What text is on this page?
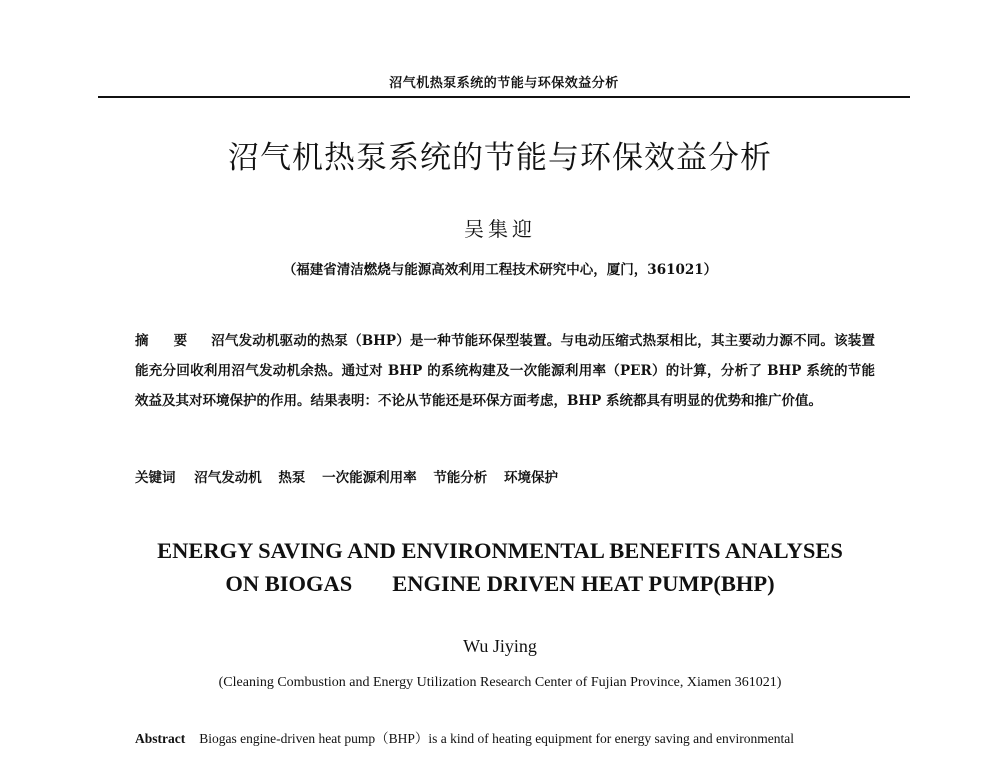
沼气机热泵系统的节能与环保效益分析
沼气机热泵系统的节能与环保效益分析
吴集迎
（福建省清洁燃烧与能源高效利用工程技术研究中心，厦门，361021）
摘 要 沼气发动机驱动的热泵（BHP）是一种节能环保型装置。与电动压缩式热泵相比，其主要动力源不同。该装置能充分回收利用沼气发动机余热。通过对 BHP 的系统构建及一次能源利用率（PER）的计算，分析了 BHP 系统的节能效益及其对环境保护的作用。结果表明：不论从节能还是环保方面考虑，BHP 系统都具有明显的优势和推广价值。
关键词 沼气发动机 热泵 一次能源利用率 节能分析 环境保护
ENERGY SAVING AND ENVIRONMENTAL BENEFITS ANALYSES
ON BIOGAS ENGINE DRIVEN HEAT PUMP(BHP)
Wu Jiying
(Cleaning Combustion and Energy Utilization Research Center of Fujian Province, Xiamen 361021)
Abstract Biogas engine-driven heat pump（BHP）is a kind of heating equipment for energy saving and environmental
